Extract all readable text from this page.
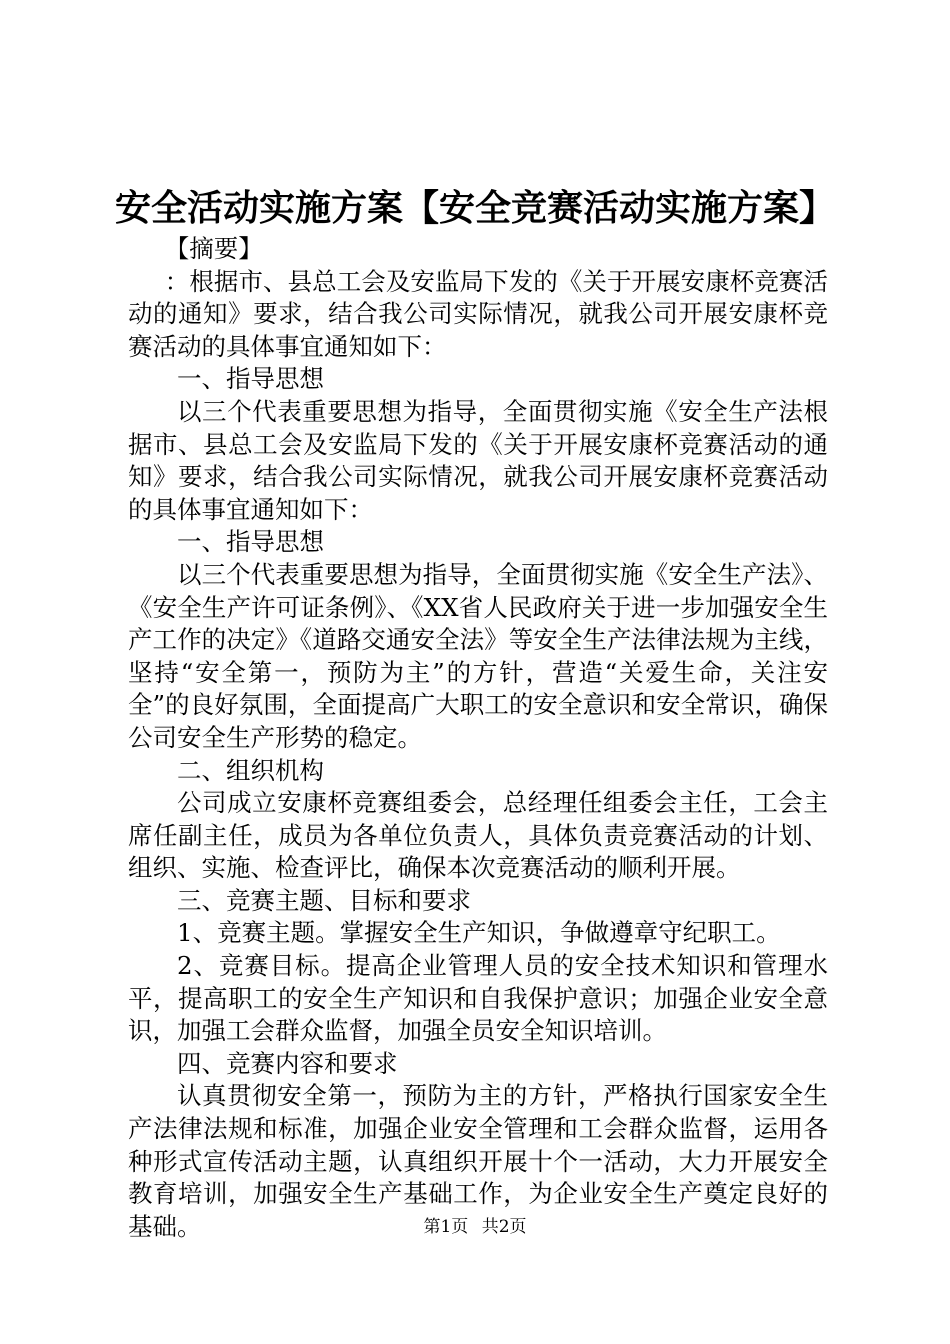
安全活动实施方案【安全竞赛活动实施方案】

【摘要】

：根据市、县总工会及安监局下发的《关于开展安康杯竞赛活动的通知》要求，结合我公司实际情况，就我公司开展安康杯竞赛活动的具体事宜通知如下：

一、指导思想

以三个代表重要思想为指导，全面贯彻实施《安全生产法根据市、县总工会及安监局下发的《关于开展安康杯竞赛活动的通知》要求，结合我公司实际情况，就我公司开展安康杯竞赛活动的具体事宜通知如下：

一、指导思想

以三个代表重要思想为指导，全面贯彻实施《安全生产法》、《安全生产许可证条例》、《XX省人民政府关于进一步加强安全生产工作的决定》《道路交通安全法》等安全生产法律法规为主线，坚持“安全第一，预防为主”的方针，营造“关爱生命，关注安全”的良好氛围，全面提高广大职工的安全意识和安全常识，确保公司安全生产形势的稳定。

二、组织机构

公司成立安康杯竞赛组委会，总经理任组委会主任，工会主席任副主任，成员为各单位负责人，具体负责竞赛活动的计划、组织、实施、检查评比，确保本次竞赛活动的顺利开展。

三、竞赛主题、目标和要求

1、竞赛主题。掌握安全生产知识，争做遵章守纪职工。

2、竞赛目标。提高企业管理人员的安全技术知识和管理水平，提高职工的安全生产知识和自我保护意识；加强企业安全意识，加强工会群众监督，加强全员安全知识培训。

四、竞赛内容和要求

认真贯彻安全第一，预防为主的方针，严格执行国家安全生产法律法规和标准，加强企业安全管理和工会群众监督，运用各种形式宣传活动主题，认真组织开展十个一活动，大力开展安全教育培训，加强安全生产基础工作，为企业安全生产奠定良好的基础。	第1页 共2页
